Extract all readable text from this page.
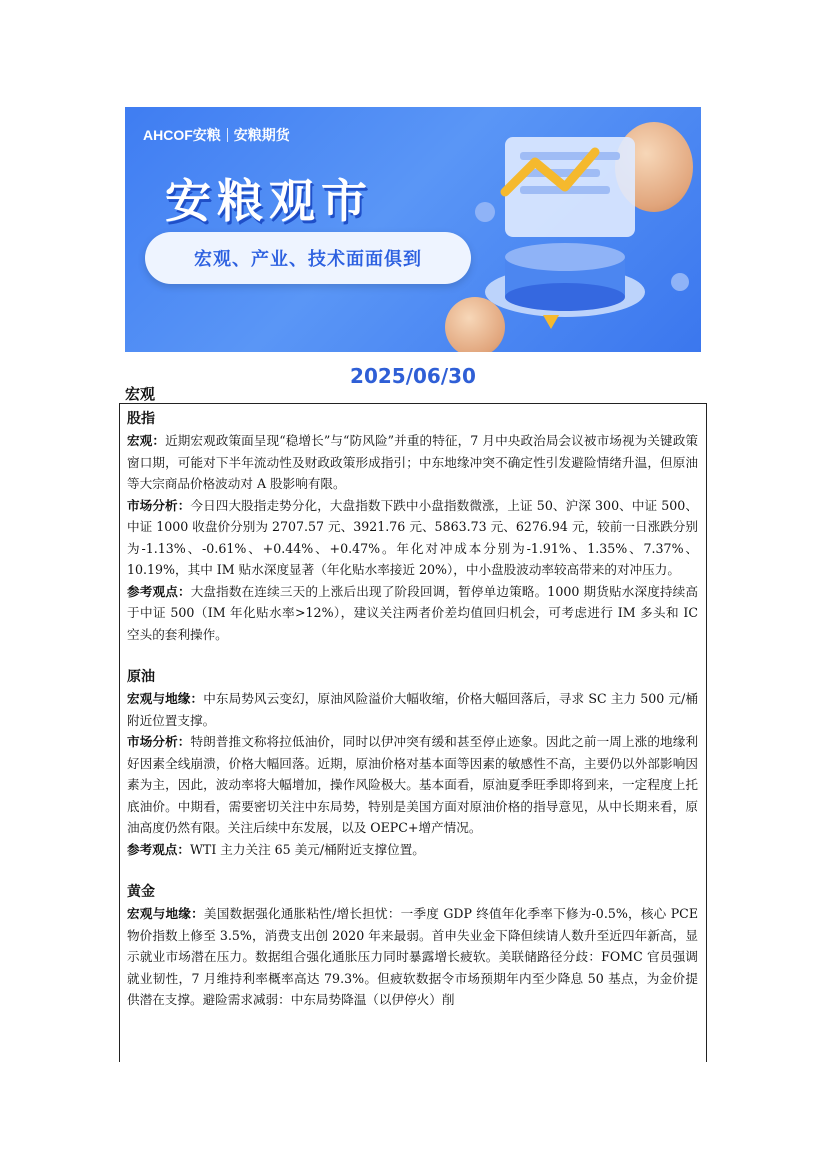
AHCOF安粮 安粮期货
安粮观市
宏观、产业、技术面面俱到
2025/06/30
宏观
股指

宏观：近期宏观政策面呈现“稳增长”与“防风险”并重的特征，7 月中央政治局会议被市场视为关键政策窗口期，可能对下半年流动性及财政政策形成指引；中东地缘冲突不确定性引发避险情绪升温，但原油等大宗商品价格波动对 A 股影响有限。

市场分析：今日四大股指走势分化，大盘指数下跌中小盘指数微涨，上证 50、沪深 300、中证 500、中证 1000 收盘价分别为 2707.57 元、3921.76 元、5863.73 元、6276.94 元，较前一日涨跌分别为-1.13%、-0.61%、+0.44%、+0.47%。年化对冲成本分别为-1.91%、1.35%、7.37%、10.19%，其中 IM 贴水深度显著（年化贴水率接近 20%），中小盘股波动率较高带来的对冲压力。

参考观点：大盘指数在连续三天的上涨后出现了阶段回调，暂停单边策略。1000 期货贴水深度持续高于中证 500（IM 年化贴水率>12%），建议关注两者价差均值回归机会，可考虑进行 IM 多头和 IC 空头的套利操作。

原油

宏观与地缘：中东局势风云变幻，原油风险溢价大幅收缩，价格大幅回落后，寻求 SC 主力 500 元/桶附近位置支撑。

市场分析：特朗普推文称将拉低油价，同时以伊冲突有缓和甚至停止迹象。因此之前一周上涨的地缘利好因素全线崩溃，价格大幅回落。近期，原油价格对基本面等因素的敏感性不高，主要仍以外部影响因素为主，因此，波动率将大幅增加，操作风险极大。基本面看，原油夏季旺季即将到来，一定程度上托底油价。中期看，需要密切关注中东局势，特别是美国方面对原油价格的指导意见，从中长期来看，原油高度仍然有限。关注后续中东发展，以及 OEPC+增产情况。

参考观点：WTI 主力关注 65 美元/桶附近支撑位置。

黄金

宏观与地缘：美国数据强化通胀粘性/增长担忧：一季度 GDP 终值年化季率下修为-0.5%，核心 PCE 物价指数上修至 3.5%，消费支出创 2020 年来最弱。首申失业金下降但续请人数升至近四年新高，显示就业市场潜在压力。数据组合强化通胀压力同时暴露增长疲软。美联储路径分歧：FOMC 官员强调就业韧性，7 月维持利率概率高达 79.3%。但疲软数据令市场预期年内至少降息 50 基点，为金价提供潜在支撑。避险需求减弱：中东局势降温（以伊停火）削
